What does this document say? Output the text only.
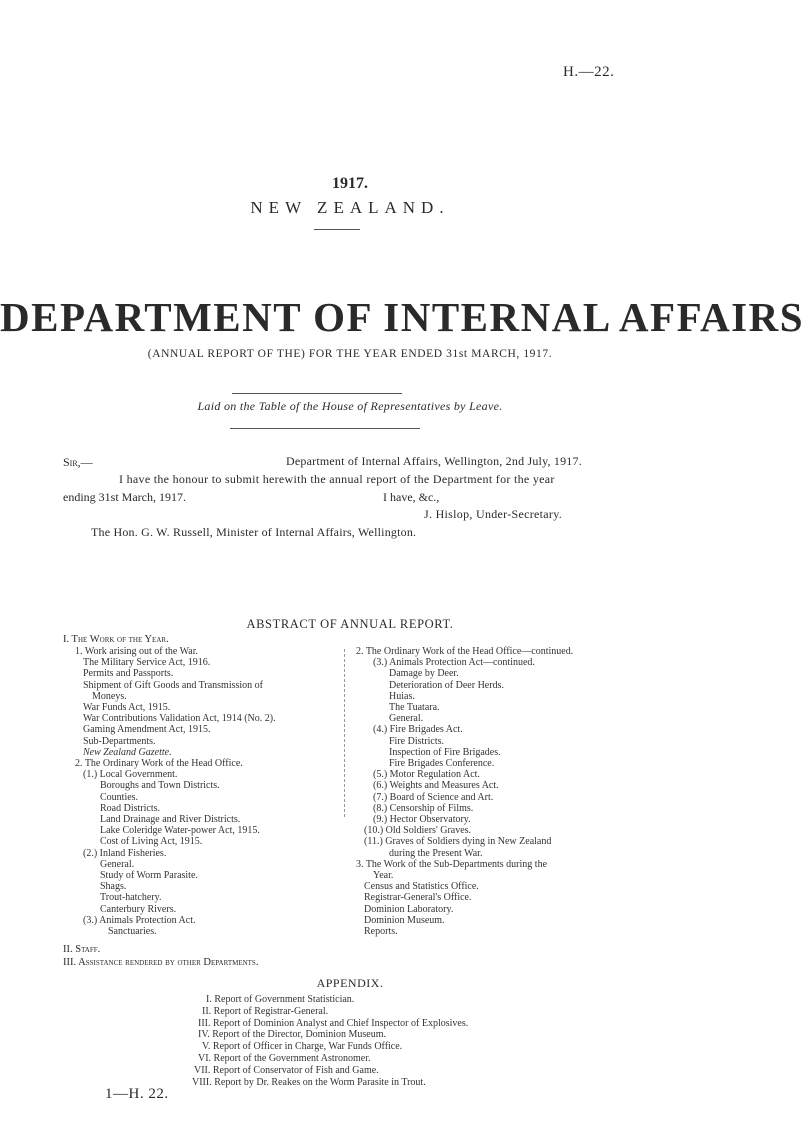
H.—22.
1917.
NEW ZEALAND.
DEPARTMENT OF INTERNAL AFFAIRS
(ANNUAL REPORT OF THE) FOR THE YEAR ENDED 31st MARCH, 1917.
Laid on the Table of the House of Representatives by Leave.
Sir,—	Department of Internal Affairs, Wellington, 2nd July, 1917.
I have the honour to submit herewith the annual report of the Department for the year
ending 31st March, 1917.	I have, &c.,
J. Hislop, Under-Secretary.
The Hon. G. W. Russell, Minister of Internal Affairs, Wellington.
ABSTRACT OF ANNUAL REPORT.
I. The Work of the Year.
1. Work arising out of the War.
The Military Service Act, 1916.
Permits and Passports.
Shipment of Gift Goods and Transmission of
Moneys.
War Funds Act, 1915.
War Contributions Validation Act, 1914 (No. 2).
Gaming Amendment Act, 1915.
Sub-Departments.
New Zealand Gazette.
2. The Ordinary Work of the Head Office.
(1.) Local Government.
Boroughs and Town Districts.
Counties.
Road Districts.
Land Drainage and River Districts.
Lake Coleridge Water-power Act, 1915.
Cost of Living Act, 1915.
(2.) Inland Fisheries.
General.
Study of Worm Parasite.
Shags.
Trout-hatchery.
Canterbury Rivers.
(3.) Animals Protection Act.
Sanctuaries.
2. The Ordinary Work of the Head Office—continued.
(3.) Animals Protection Act—continued.
Damage by Deer.
Deterioration of Deer Herds.
Huias.
The Tuatara.
General.
(4.) Fire Brigades Act.
Fire Districts.
Inspection of Fire Brigades.
Fire Brigades Conference.
(5.) Motor Regulation Act.
(6.) Weights and Measures Act.
(7.) Board of Science and Art.
(8.) Censorship of Films.
(9.) Hector Observatory.
(10.) Old Soldiers' Graves.
(11.) Graves of Soldiers dying in New Zealand
during the Present War.
3. The Work of the Sub-Departments during the
Year.
Census and Statistics Office.
Registrar-General's Office.
Dominion Laboratory.
Dominion Museum.
Reports.
II. Staff.
III. Assistance rendered by other Departments.
APPENDIX.
I. Report of Government Statistician.
II. Report of Registrar-General.
III. Report of Dominion Analyst and Chief Inspector of Explosives.
IV. Report of the Director, Dominion Museum.
V. Report of Officer in Charge, War Funds Office.
VI. Report of the Government Astronomer.
VII. Report of Conservator of Fish and Game.
VIII. Report by Dr. Reakes on the Worm Parasite in Trout.
1—H. 22.
